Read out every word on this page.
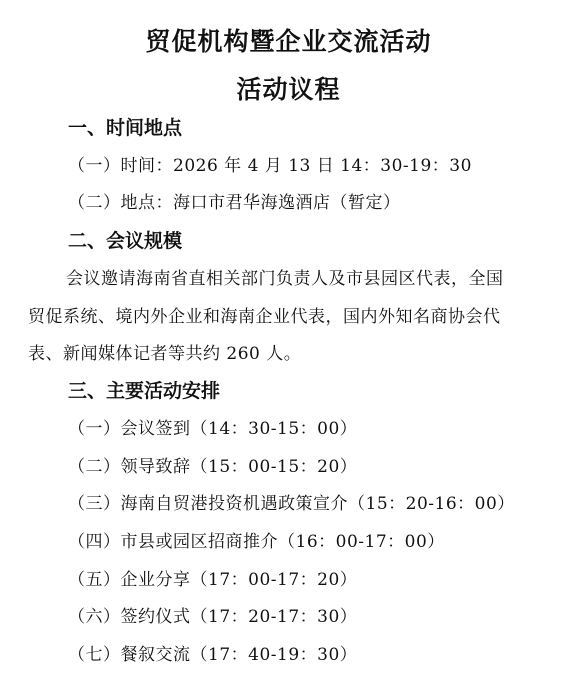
贸促机构暨企业交流活动
活动议程
一、时间地点
（一）时间：2026 年 4 月 13 日 14：30-19：30
（二）地点：海口市君华海逸酒店（暂定）
二、会议规模
会议邀请海南省直相关部门负责人及市县园区代表，全国
贸促系统、境内外企业和海南企业代表，国内外知名商协会代
表、新闻媒体记者等共约 260 人。
三、主要活动安排
（一）会议签到（14：30-15：00）
（二）领导致辞（15：00-15：20）
（三）海南自贸港投资机遇政策宣介（15：20-16：00）
（四）市县或园区招商推介（16：00-17：00）
（五）企业分享（17：00-17：20）
（六）签约仪式（17：20-17：30）
（七）餐叙交流（17：40-19：30）
